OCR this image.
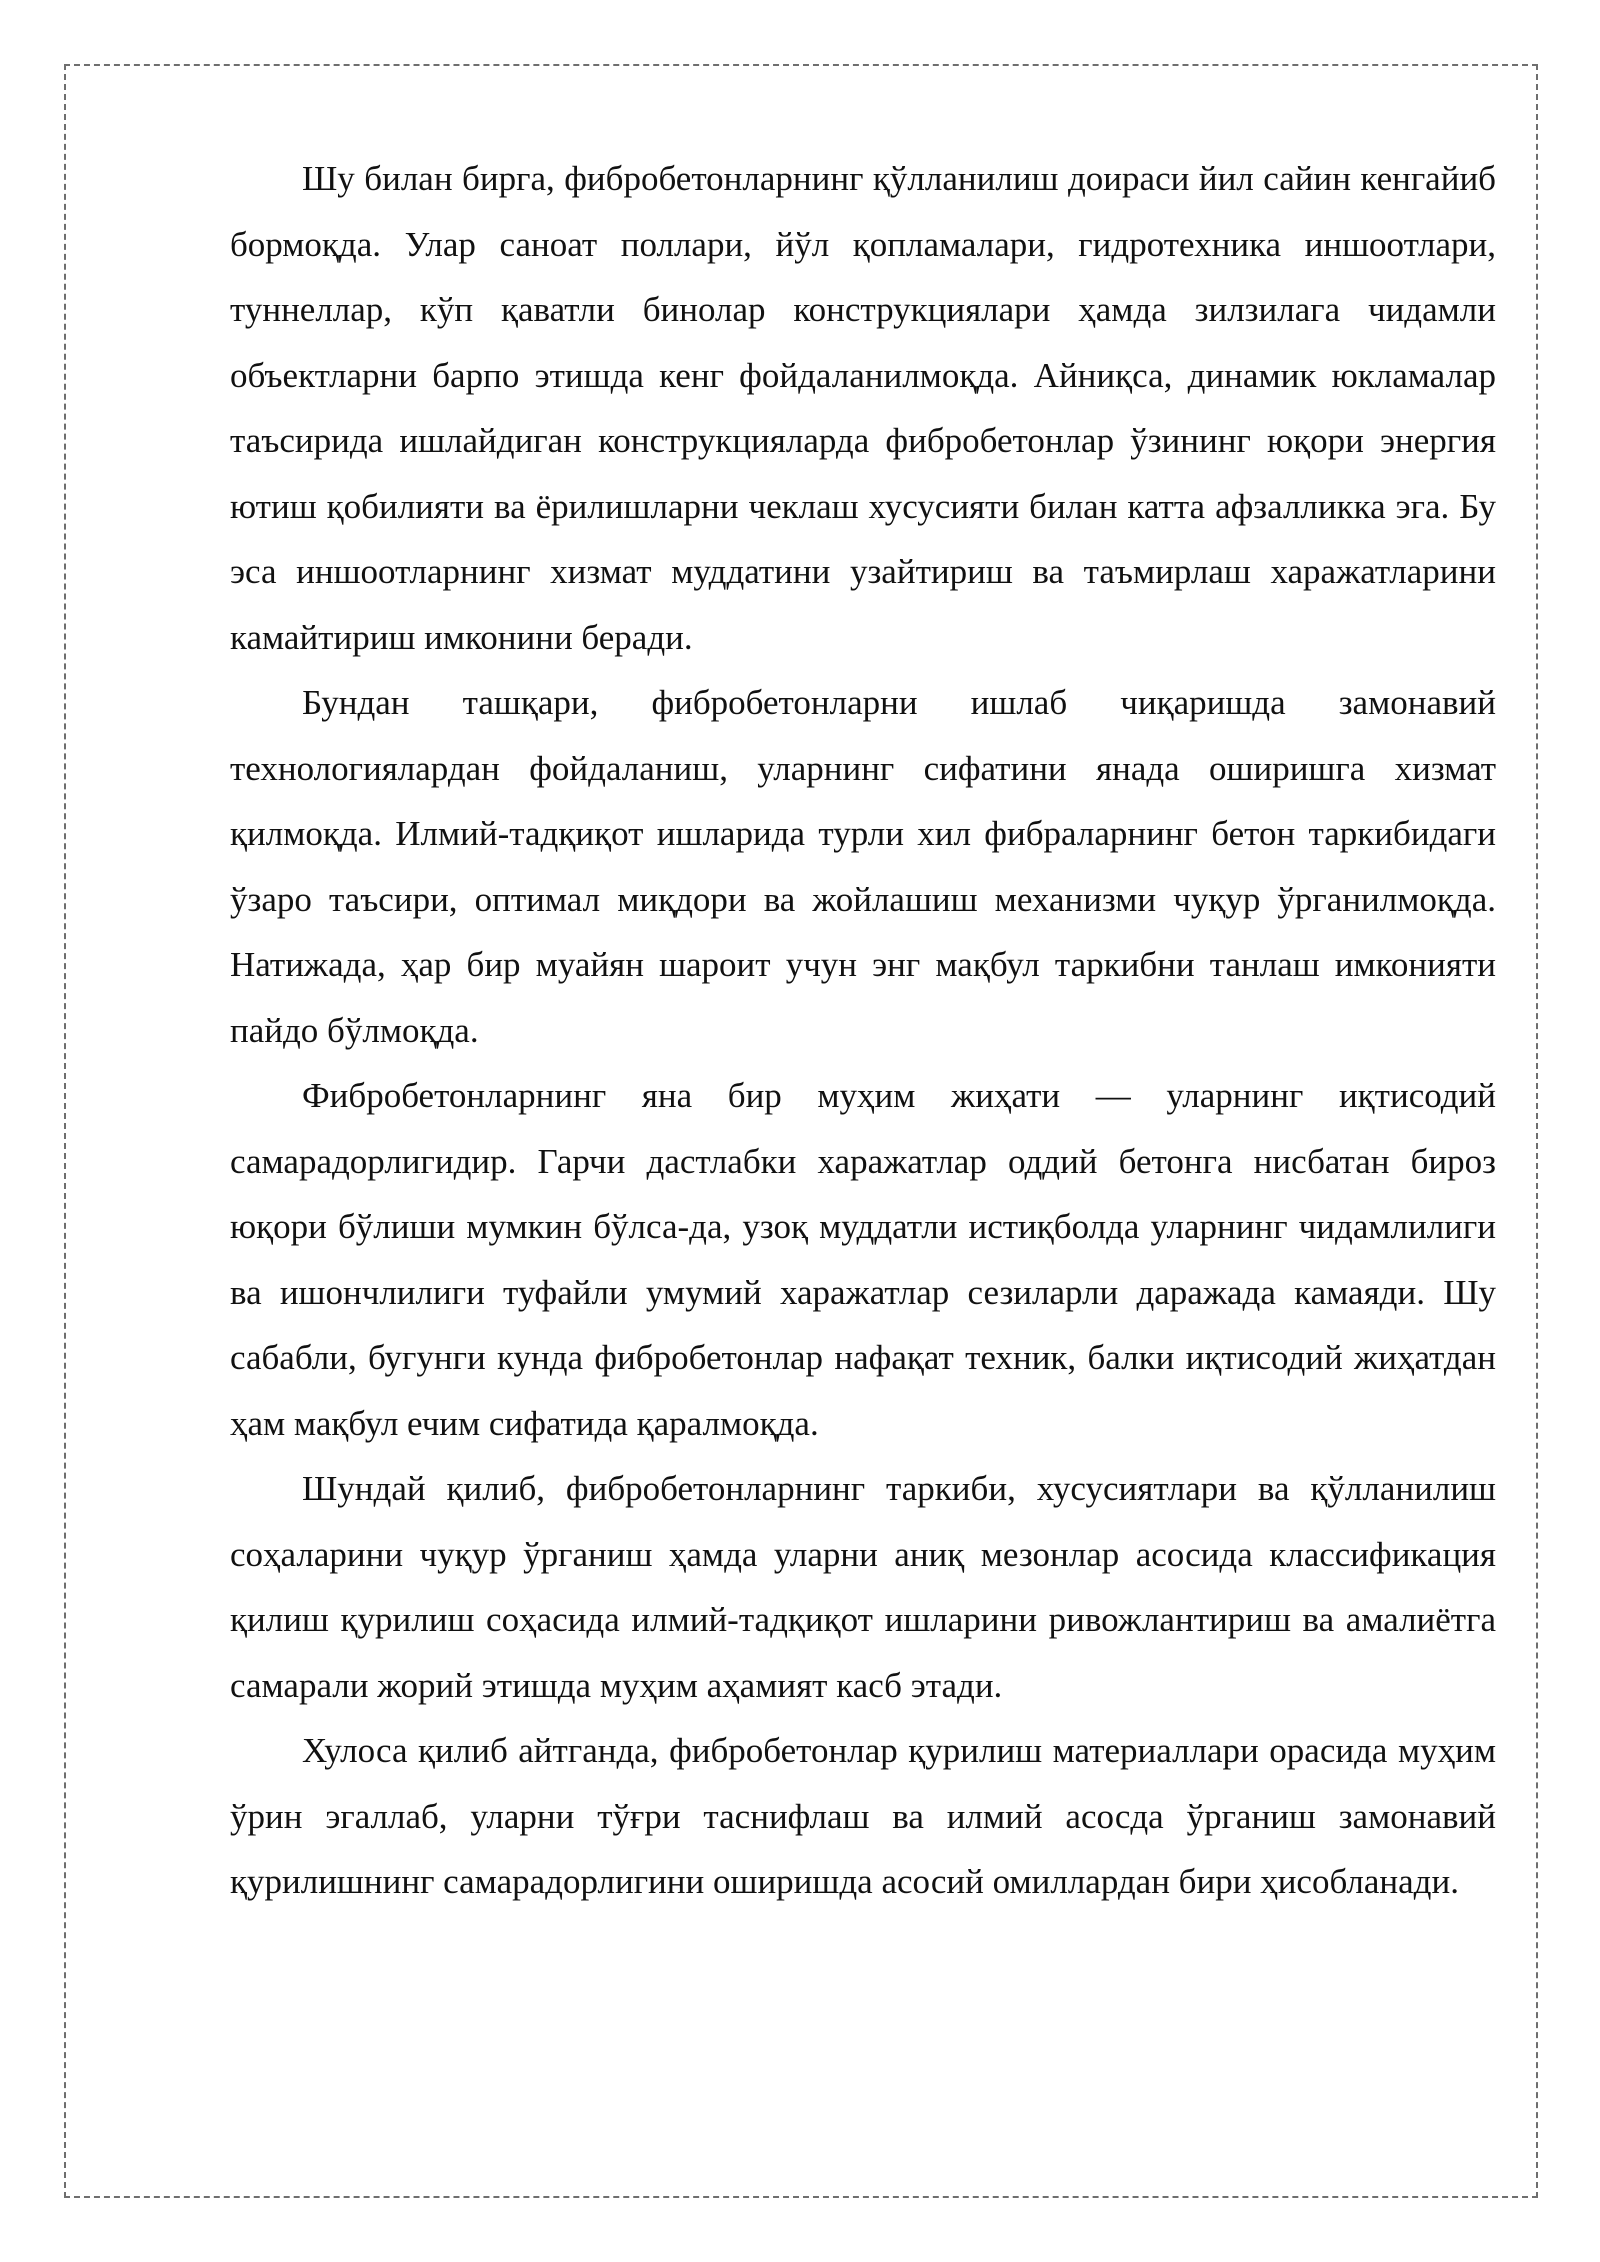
Шу билан бирга, фибробетонларнинг қўлланилиш доираси йил сайин кенгайиб бормоқда. Улар саноат поллари, йўл қопламалари, гидротехника иншоотлари, туннеллар, кўп қаватли бинолар конструкциялари ҳамда зилзилага чидамли объектларни барпо этишда кенг фойдаланилмоқда. Айниқса, динамик юкламалар таъсирида ишлайдиган конструкцияларда фибробетонлар ўзининг юқори энергия ютиш қобилияти ва ёрилишларни чеклаш хусусияти билан катта афзалликка эга. Бу эса иншоотларнинг хизмат муддатини узайтириш ва таъмирлаш харажатларини камайтириш имконини беради.

Бундан ташқари, фибробетонларни ишлаб чиқаришда замонавий технологиялардан фойдаланиш, уларнинг сифатини янада оширишга хизмат қилмоқда. Илмий-тадқиқот ишларида турли хил фибраларнинг бетон таркибидаги ўзаро таъсири, оптимал миқдори ва жойлашиш механизми чуқур ўрганилмоқда. Натижада, ҳар бир муайян шароит учун энг мақбул таркибни танлаш имконияти пайдо бўлмоқда.

Фибробетонларнинг яна бир муҳим жиҳати — уларнинг иқтисодий самарадорлигидир. Гарчи дастлабки харажатлар оддий бетонга нисбатан бироз юқори бўлиши мумкин бўлса-да, узоқ муддатли истиқболда уларнинг чидамлилиги ва ишончлилиги туфайли умумий харажатлар сезиларли даражада камаяди. Шу сабабли, бугунги кунда фибробетонлар нафақат техник, балки иқтисодий жиҳатдан ҳам мақбул ечим сифатида қаралмоқда.

Шундай қилиб, фибробетонларнинг таркиби, хусусиятлари ва қўлланилиш соҳаларини чуқур ўрганиш ҳамда уларни аниқ мезонлар асосида классификация қилиш қурилиш соҳасида илмий-тадқиқот ишларини ривожлантириш ва амалиётга самарали жорий этишда муҳим аҳамият касб этади.

Хулоса қилиб айтганда, фибробетонлар қурилиш материаллари орасида муҳим ўрин эгаллаб, уларни тўғри таснифлаш ва илмий асосда ўрганиш замонавий қурилишнинг самарадорлигини оширишда асосий омиллардан бири ҳисобланади.
